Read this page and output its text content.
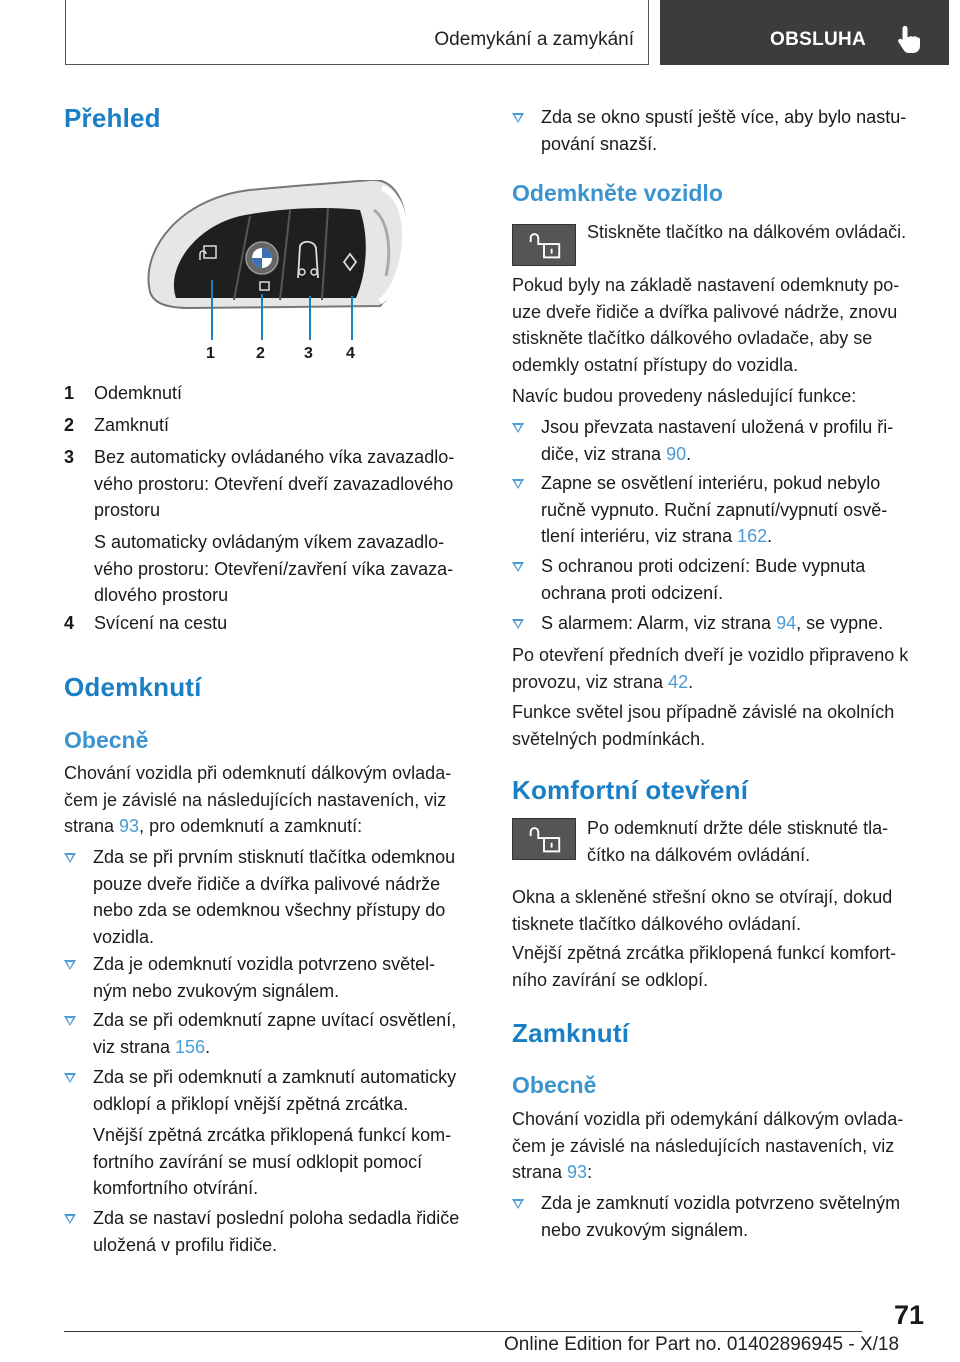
Odemykání a zamykání	OBSLUHA
Přehled
1	2 3 4
1 Odemknutí
2 Zamknutí
3 Bez automaticky ovládaného víka zavazadlo-
vého prostoru: Otevření dveří zavazadlového
prostoru
S automaticky ovládaným víkem zavazadlo-
vého prostoru: Otevření/zavření víka zavaza-
dlového prostoru
4 Svícení na cestu
Odemknutí
Obecně

Chování vozidla při odemknutí dálkovým ovlada-

čem je závislé na následujících nastaveních, viz

strana 93, pro odemknutí a zamknutí:

Zda se při prvním stisknutí tlačítka odemknou
pouze dveře řidiče a dvířka palivové nádrže
nebo zda se odemknou všechny přístupy do
vozidla.
Zda je odemknutí vozidla potvrzeno světel-
ným nebo zvukovým signálem.
Zda se při odemknutí zapne uvítací osvětlení,
viz strana 156.
Zda se při odemknutí a zamknutí automaticky
odklopí a přiklopí vnější zpětná zrcátka.
Vnější zpětná zrcátka přiklopená funkcí kom-
fortního zavírání se musí odklopit pomocí
komfortního otvírání.
Zda se nastaví poslední poloha sedadla řidiče
uložená v profilu řidiče.
Zda se okno spustí ještě více, aby bylo nastu-
pování snazší.
Odemkněte vozidlo

Stiskněte tlačítko na dálkovém ovládači.

Pokud byly na základě nastavení odemknuty po-

uze dveře řidiče a dvířka palivové nádrže, znovu

stiskněte tlačítko dálkového ovladače, aby se

odemkly ostatní přístupy do vozidla.

Navíc budou provedeny následující funkce:

Jsou převzata nastavení uložená v profilu ři-
diče, viz strana 90.
Zapne se osvětlení interiéru, pokud nebylo
ručně vypnuto. Ruční zapnutí/vypnutí osvě-
tlení interiéru, viz strana 162.
S ochranou proti odcizení: Bude vypnuta
ochrana proti odcizení.
S alarmem: Alarm, viz strana 94, se vypne.

Po otevření předních dveří je vozidlo připraveno k

provozu, viz strana 42.

Funkce světel jsou případně závislé na okolních

světelných podmínkách.

Komfortní otevření

Po odemknutí držte déle stisknuté tla-

čítko na dálkovém ovládání.

Okna a skleněné střešní okno se otvírají, dokud

tisknete tlačítko dálkového ovládaní.

Vnější zpětná zrcátka přiklopená funkcí komfort-

ního zavírání se odklopí.

Zamknutí
Obecně

Chování vozidla při odemykání dálkovým ovlada-

čem je závislé na následujících nastaveních, viz

strana 93:

Zda je zamknutí vozidla potvrzeno světelným
nebo zvukovým signálem.
71
Online Edition for Part no. 01402896945 - X/18
